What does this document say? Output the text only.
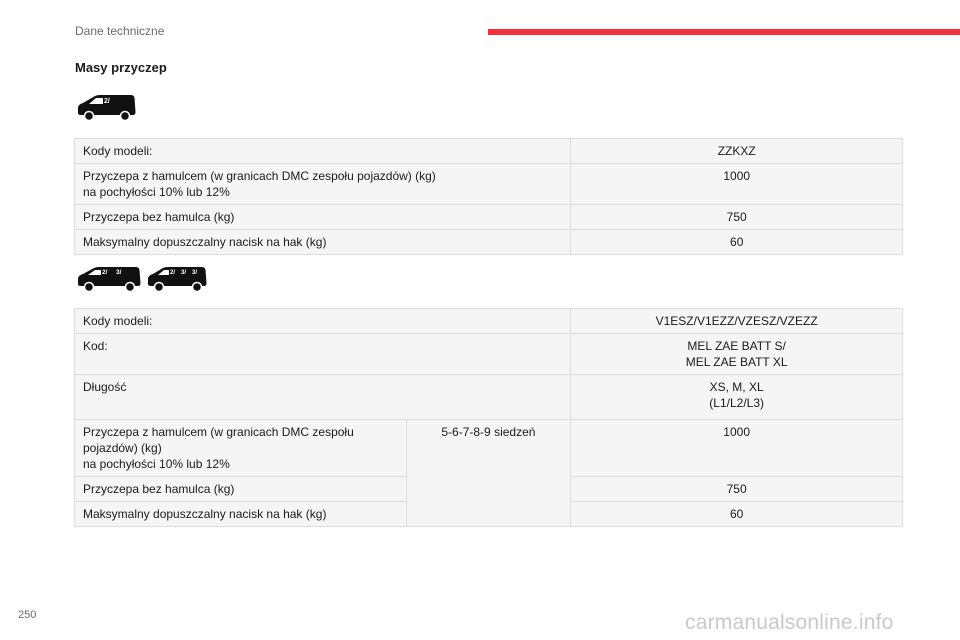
Dane techniczne
Masy przyczep
2/
Kody modeli:	ZZKXZ
Przyczepa z hamulcem (w granicach DMC zespołu pojazdów) (kg)
na pochyłości 10% lub 12%	1000
Przyczepa bez hamulca (kg)	750
Maksymalny dopuszczalny nacisk na hak (kg)	60
2/ 3/	2/ 3/ 3/
Kody modeli:		V1ESZ/V1EZZ/VZESZ/VZEZZ
Kod:		MEL ZAE BATT S/
MEL ZAE BATT XL
Długość		XS, M, XL
(L1/L2/L3)
Przyczepa z hamulcem (w granicach DMC zespołu
pojazdów) (kg)
na pochyłości 10% lub 12%	5-6-7-8-9 siedzeń	1000
Przyczepa bez hamulca (kg)		750
Maksymalny dopuszczalny nacisk na hak (kg)		60
250	carmanualsonline.info
